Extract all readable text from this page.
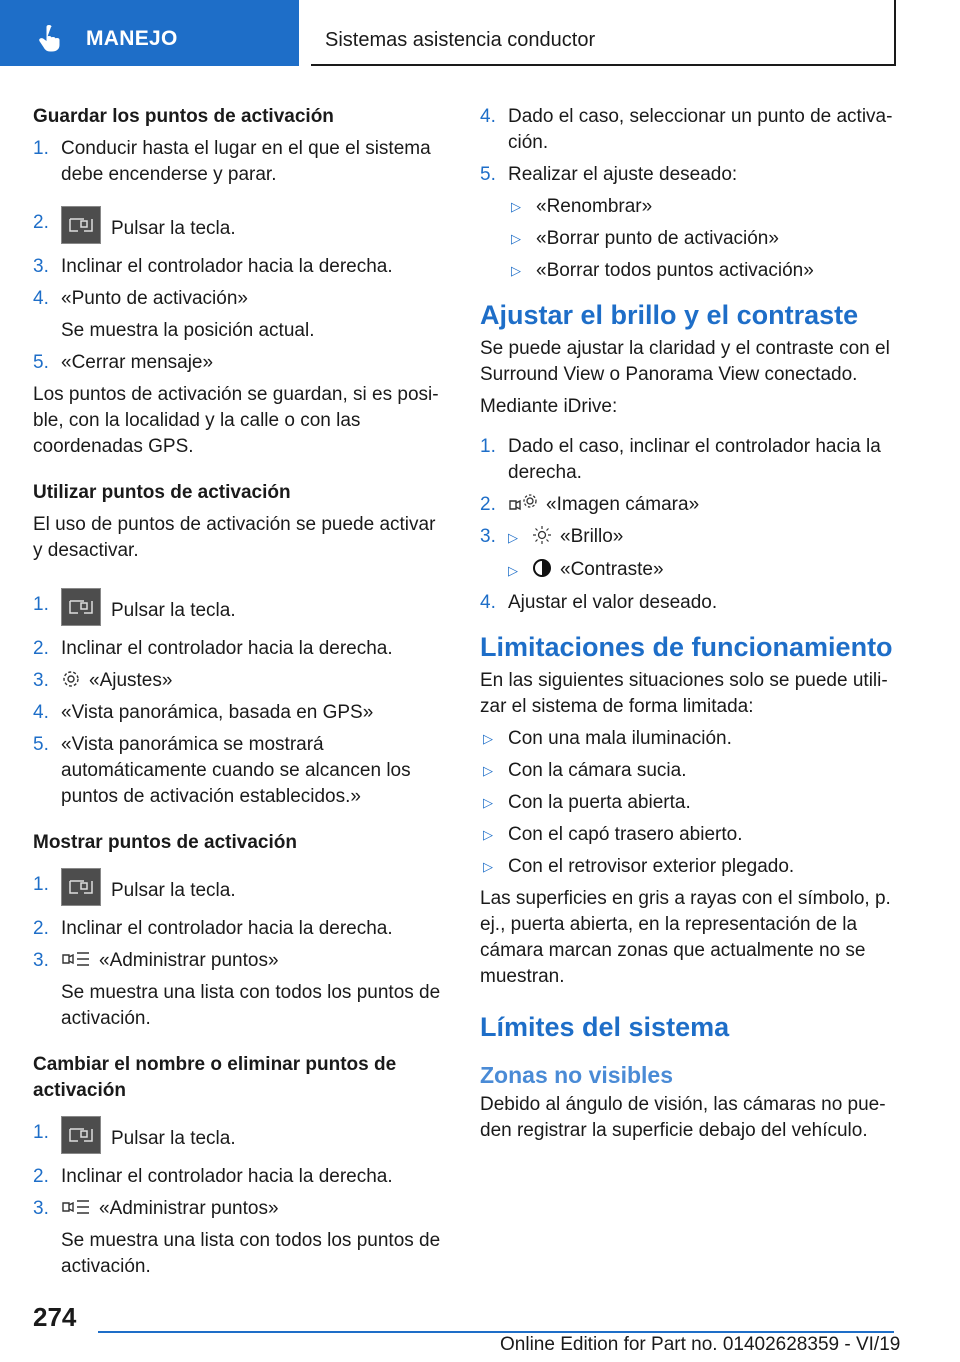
MANEJO	Sistemas asistencia conductor

Guardar los puntos de activación

1. Conducir hasta el lugar en el que el sistema debe encenderse y parar.
2.	Pulsar la tecla.
3. Inclinar el controlador hacia la derecha.
4. «Punto de activación»
Se muestra la posición actual.
5. «Cerrar mensaje»

Los puntos de activación se guardan, si es posible, con la localidad y la calle o con las coordenadas GPS.

Utilizar puntos de activación

El uso de puntos de activación se puede activar y desactivar.

1.	Pulsar la tecla.
2. Inclinar el controlador hacia la derecha.
3. «Ajustes»
4. «Vista panorámica, basada en GPS»
5. «Vista panorámica se mostrará automáticamente cuando se alcancen los puntos de activación establecidos.»

Mostrar puntos de activación

1.	Pulsar la tecla.
2. Inclinar el controlador hacia la derecha.
3.	«Administrar puntos»
Se muestra una lista con todos los puntos de activación.

Cambiar el nombre o eliminar puntos de activación

1.	Pulsar la tecla.
2. Inclinar el controlador hacia la derecha.
3.	«Administrar puntos»
Se muestra una lista con todos los puntos de activación.
4. Dado el caso, seleccionar un punto de activación.
5. Realizar el ajuste deseado:
▷ «Renombrar»
▷ «Borrar punto de activación»
▷ «Borrar todos puntos activación»

Ajustar el brillo y el contraste

Se puede ajustar la claridad y el contraste con el Surround View o Panorama View conectado.

Mediante iDrive:

1. Dado el caso, inclinar el controlador hacia la derecha.
2.	«Imagen cámara»
3. ▷ «Brillo»
▷ «Contraste»
4. Ajustar el valor deseado.

Limitaciones de funcionamiento

En las siguientes situaciones solo se puede utilizar el sistema de forma limitada:

▷ Con una mala iluminación.
▷ Con la cámara sucia.
▷ Con la puerta abierta.
▷ Con el capó trasero abierto.
▷ Con el retrovisor exterior plegado.

Las superficies en gris a rayas con el símbolo, p. ej., puerta abierta, en la representación de la cámara marcan zonas que actualmente no se muestran.

Límites del sistema

Zonas no visibles

Debido al ángulo de visión, las cámaras no pueden registrar la superficie debajo del vehículo.

274
Online Edition for Part no. 01402628359 - VI/19
